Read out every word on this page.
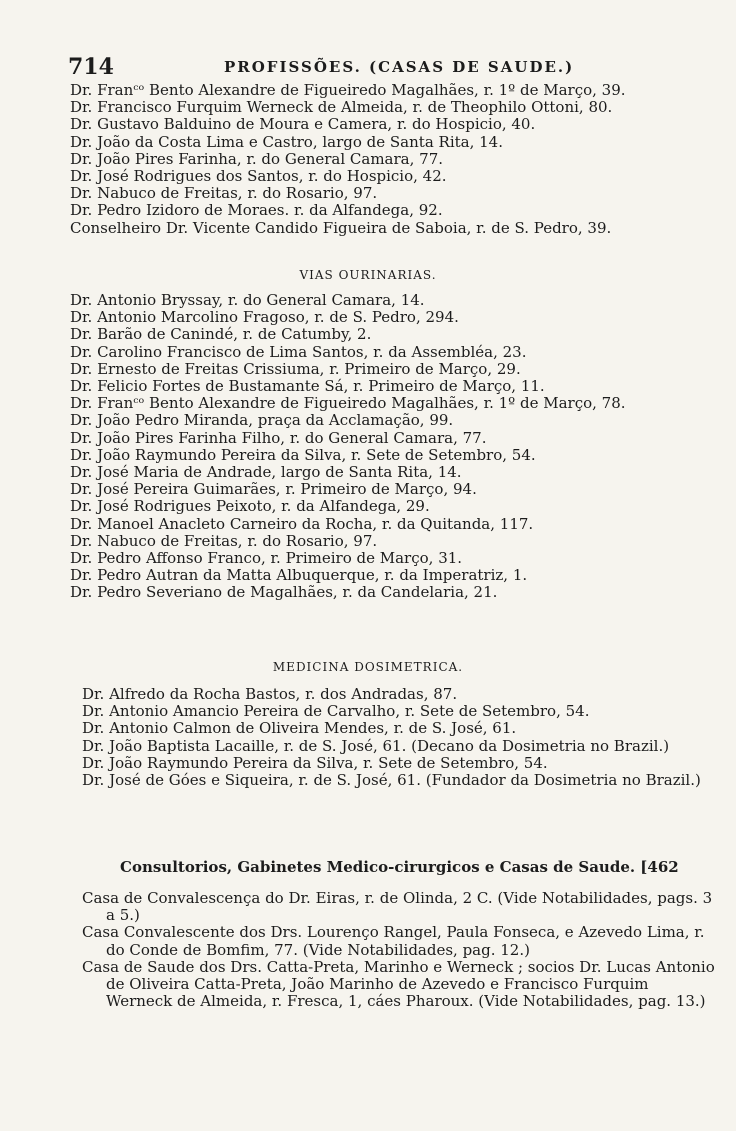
714	PROFISSÕES. (CASAS DE SAUDE.)
Dr. Franᶜᵒ Bento Alexandre de Figueiredo Magalhães, r. 1º de Março, 39.
Dr. Francisco Furquim Werneck de Almeida, r. de Theophilo Ottoni, 80.
Dr. Gustavo Balduino de Moura e Camera, r. do Hospicio, 40.
Dr. João da Costa Lima e Castro, largo de Santa Rita, 14.
Dr. João Pires Farinha, r. do General Camara, 77.
Dr. José Rodrigues dos Santos, r. do Hospicio, 42.
Dr. Nabuco de Freitas, r. do Rosario, 97.
Dr. Pedro Izidoro de Moraes. r. da Alfandega, 92.
Conselheiro Dr. Vicente Candido Figueira de Saboia, r. de S. Pedro, 39.
VIAS OURINARIAS.
Dr. Antonio Bryssay, r. do General Camara, 14.
Dr. Antonio Marcolino Fragoso, r. de S. Pedro, 294.
Dr. Barão de Canindé, r. de Catumby, 2.
Dr. Carolino Francisco de Lima Santos, r. da Assembléa, 23.
Dr. Ernesto de Freitas Crissiuma, r. Primeiro de Março, 29.
Dr. Felicio Fortes de Bustamante Sá, r. Primeiro de Março, 11.
Dr. Franᶜᵒ Bento Alexandre de Figueiredo Magalhães, r. 1º de Março, 78.
Dr. João Pedro Miranda, praça da Acclamação, 99.
Dr. João Pires Farinha Filho, r. do General Camara, 77.
Dr. João Raymundo Pereira da Silva, r. Sete de Setembro, 54.
Dr. José Maria de Andrade, largo de Santa Rita, 14.
Dr. José Pereira Guimarães, r. Primeiro de Março, 94.
Dr. José Rodrigues Peixoto, r. da Alfandega, 29.
Dr. Manoel Anacleto Carneiro da Rocha, r. da Quitanda, 117.
Dr. Nabuco de Freitas, r. do Rosario, 97.
Dr. Pedro Affonso Franco, r. Primeiro de Março, 31.
Dr. Pedro Autran da Matta Albuquerque, r. da Imperatriz, 1.
Dr. Pedro Severiano de Magalhães, r. da Candelaria, 21.
MEDICINA DOSIMETRICA.
Dr. Alfredo da Rocha Bastos, r. dos Andradas, 87.
Dr. Antonio Amancio Pereira de Carvalho, r. Sete de Setembro, 54.
Dr. Antonio Calmon de Oliveira Mendes, r. de S. José, 61.
Dr. João Baptista Lacaille, r. de S. José, 61. (Decano da Dosimetria no Brazil.)
Dr. João Raymundo Pereira da Silva, r. Sete de Setembro, 54.
Dr. José de Góes e Siqueira, r. de S. José, 61. (Fundador da Dosimetria no Brazil.)
Consultorios, Gabinetes Medico-cirurgicos e Casas de Saude. [462
Casa de Convalescença do Dr. Eiras, r. de Olinda, 2 C. (Vide Notabilidades, pags. 3 a 5.)
Casa Convalescente dos Drs. Lourenço Rangel, Paula Fonseca, e Azevedo Lima, r. do Conde de Bomfim, 77. (Vide Notabilidades, pag. 12.)
Casa de Saude dos Drs. Catta-Preta, Marinho e Werneck ; socios Dr. Lucas Antonio de Oliveira Catta-Preta, João Marinho de Azevedo e Francisco Furquim Werneck de Almeida, r. Fresca, 1, cáes Pharoux. (Vide Notabilidades, pag. 13.)
